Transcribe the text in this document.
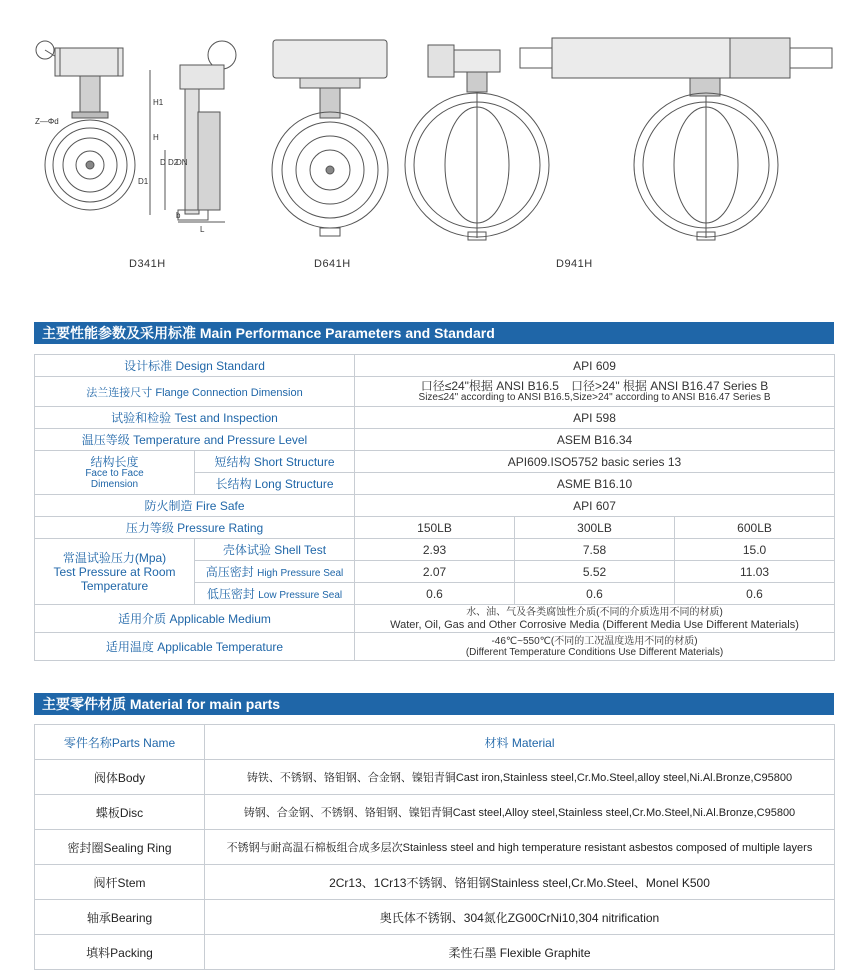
Z—Φd
H1
H
D
D1
D2
DN
b
L
D341H	D641H	D941H
主要性能参数及采用标准 Main Performance Parameters and Standard
设计标准 Design Standard		API 609		
法兰连接尺寸 Flange Connection Dimension		口径≤24"根据 ANSI B16.5　口径>24" 根据 ANSI B16.47 Series B
Size≤24" according to ANSI B16.5,Size>24" according to ANSI B16.47 Series B		

试验和检验 Test and Inspection		API 598		
温压等级 Temperature and Pressure Level		ASEM B16.34		

结构长度
Face to Face
Dimension	短结构 Short Structure	API609.ISO5752 basic series 13		
	长结构 Long Structure	ASME B16.10		
防火制造 Fire Safe		API 607		
压力等级 Pressure Rating		150LB	300LB	600LB

常温试验压力(Mpa)
Test Pressure at Room
Temperature	壳体试验 Shell Test	2.93	7.58	15.0
	高压密封 High Pressure Seal	2.07	5.52	11.03
	低压密封 Low Pressure Seal	0.6	0.6	0.6
适用介质 Applicable Medium		水、油、气及各类腐蚀性介质(不同的介质选用不同的材质)
Water, Oil, Gas and Other Corrosive Media (Different Media Use Different Materials)		

适用温度 Applicable Temperature		-46℃~550℃(不同的工况温度选用不同的材质)
(Different Temperature Conditions Use Different Materials)		
主要零件材质 Material for main parts
零件名称Parts Name	材料 Material
阀体Body	铸铁、不锈钢、铬钼钢、合金钢、镍铝青铜Cast iron,Stainless steel,Cr.Mo.Steel,alloy steel,Ni.Al.Bronze,C95800
蝶板Disc	铸钢、合金钢、不锈钢、铬钼钢、镍铝青铜Cast steel,Alloy steel,Stainless steel,Cr.Mo.Steel,Ni.Al.Bronze,C95800
密封圈Sealing Ring	不锈钢与耐高温石棉板组合成多层次Stainless steel and high temperature resistant asbestos composed of multiple layers
阀杆Stem	2Cr13、1Cr13不锈钢、铬钼钢Stainless steel,Cr.Mo.Steel、Monel K500
轴承Bearing	奥氏体不锈钢、304氮化ZG00CrNi10,304 nitrification
填料Packing	柔性石墨 Flexible Graphite
